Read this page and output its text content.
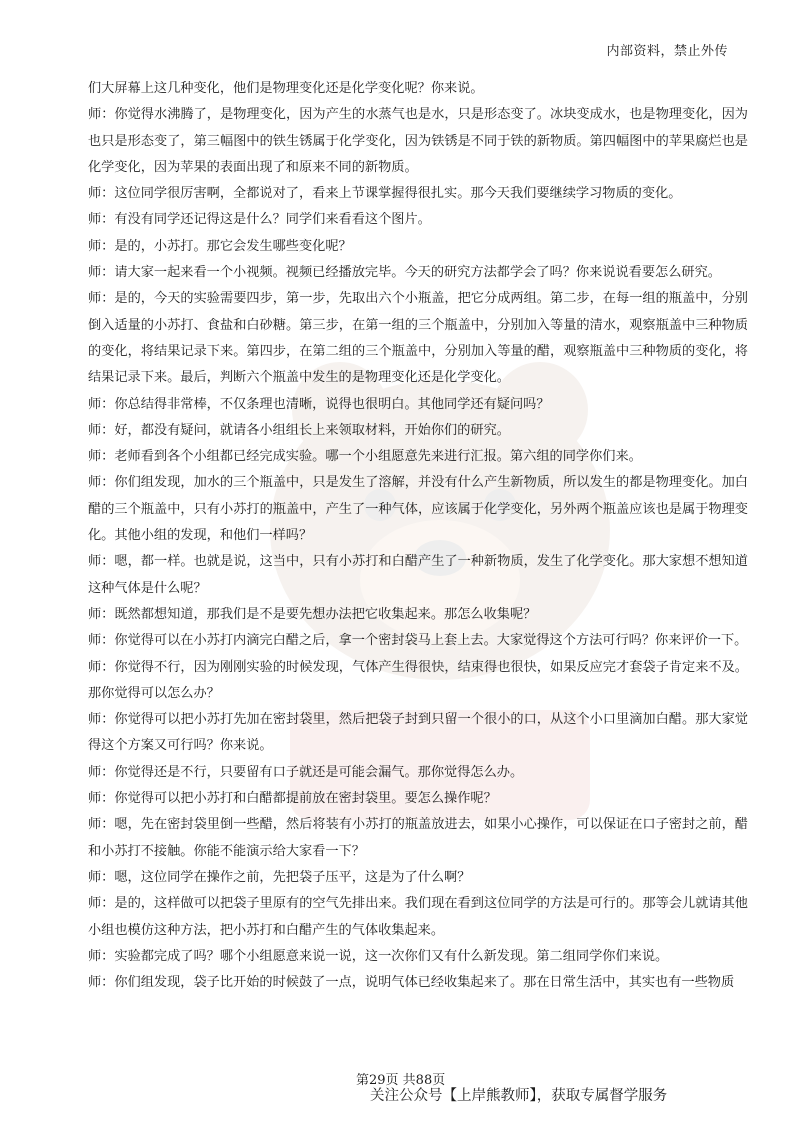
内部资料，禁止外传

们大屏幕上这几种变化，他们是物理变化还是化学变化呢？你来说。

师：你觉得水沸腾了，是物理变化，因为产生的水蒸气也是水，只是形态变了。冰块变成水，也是物理变化，因为也只是形态变了，第三幅图中的铁生锈属于化学变化，因为铁锈是不同于铁的新物质。第四幅图中的苹果腐烂也是化学变化，因为苹果的表面出现了和原来不同的新物质。

师：这位同学很厉害啊，全都说对了，看来上节课掌握得很扎实。那今天我们要继续学习物质的变化。

师：有没有同学还记得这是什么？同学们来看看这个图片。

师：是的，小苏打。那它会发生哪些变化呢？

师：请大家一起来看一个小视频。视频已经播放完毕。今天的研究方法都学会了吗？你来说说看要怎么研究。

师：是的，今天的实验需要四步，第一步，先取出六个小瓶盖，把它分成两组。第二步，在每一组的瓶盖中，分别倒入适量的小苏打、食盐和白砂糖。第三步，在第一组的三个瓶盖中，分别加入等量的清水，观察瓶盖中三种物质的变化，将结果记录下来。第四步，在第二组的三个瓶盖中，分别加入等量的醋，观察瓶盖中三种物质的变化，将结果记录下来。最后，判断六个瓶盖中发生的是物理变化还是化学变化。

师：你总结得非常棒，不仅条理也清晰，说得也很明白。其他同学还有疑问吗？

师：好，都没有疑问，就请各小组组长上来领取材料，开始你们的研究。

师：老师看到各个小组都已经完成实验。哪一个小组愿意先来进行汇报。第六组的同学你们来。

师：你们组发现，加水的三个瓶盖中，只是发生了溶解，并没有什么产生新物质，所以发生的都是物理变化。加白醋的三个瓶盖中，只有小苏打的瓶盖中，产生了一种气体，应该属于化学变化，另外两个瓶盖应该也是属于物理变化。其他小组的发现，和他们一样吗？

师：嗯，都一样。也就是说，这当中，只有小苏打和白醋产生了一种新物质，发生了化学变化。那大家想不想知道这种气体是什么呢？

师：既然都想知道，那我们是不是要先想办法把它收集起来。那怎么收集呢？

师：你觉得可以在小苏打内滴完白醋之后，拿一个密封袋马上套上去。大家觉得这个方法可行吗？你来评价一下。

师：你觉得不行，因为刚刚实验的时候发现，气体产生得很快，结束得也很快，如果反应完才套袋子肯定来不及。那你觉得可以怎么办？

师：你觉得可以把小苏打先加在密封袋里，然后把袋子封到只留一个很小的口，从这个小口里滴加白醋。那大家觉得这个方案又可行吗？你来说。

师：你觉得还是不行，只要留有口子就还是可能会漏气。那你觉得怎么办。

师：你觉得可以把小苏打和白醋都提前放在密封袋里。要怎么操作呢？

师：嗯，先在密封袋里倒一些醋，然后将装有小苏打的瓶盖放进去，如果小心操作，可以保证在口子密封之前，醋和小苏打不接触。你能不能演示给大家看一下？

师：嗯，这位同学在操作之前，先把袋子压平，这是为了什么啊？

师：是的，这样做可以把袋子里原有的空气先排出来。我们现在看到这位同学的方法是可行的。那等会儿就请其他小组也模仿这种方法，把小苏打和白醋产生的气体收集起来。

师：实验都完成了吗？哪个小组愿意来说一说，这一次你们又有什么新发现。第二组同学你们来说。

师：你们组发现，袋子比开始的时候鼓了一点，说明气体已经收集起来了。那在日常生活中，其实也有一些物质

第29页 共88页
关注公众号【上岸熊教师】，获取专属督学服务
